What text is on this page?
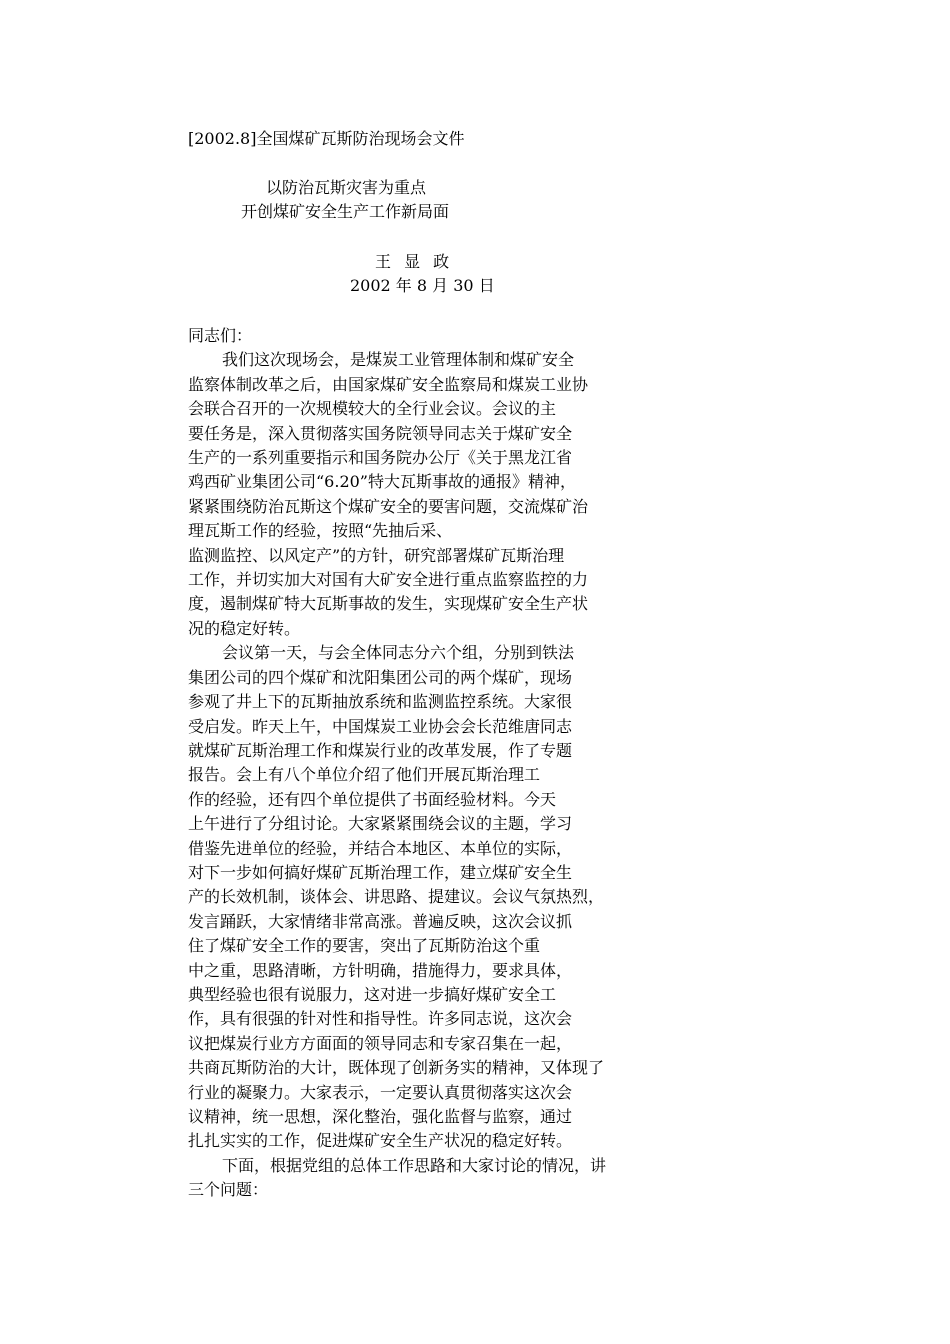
[2002.8]全国煤矿瓦斯防治现场会文件
以防治瓦斯灾害为重点
开创煤矿安全生产工作新局面
王 显 政
2002 年 8 月 30 日
同志们：
我们这次现场会，是煤炭工业管理体制和煤矿安全
监察体制改革之后，由国家煤矿安全监察局和煤炭工业协
会联合召开的一次规模较大的全行业会议。会议的主
要任务是，深入贯彻落实国务院领导同志关于煤矿安全
生产的一系列重要指示和国务院办公厅《关于黑龙江省
鸡西矿业集团公司“6.20”特大瓦斯事故的通报》精神，
紧紧围绕防治瓦斯这个煤矿安全的要害问题，交流煤矿治
理瓦斯工作的经验，按照“先抽后采、
监测监控、以风定产”的方针，研究部署煤矿瓦斯治理
工作，并切实加大对国有大矿安全进行重点监察监控的力
度，遏制煤矿特大瓦斯事故的发生，实现煤矿安全生产状
况的稳定好转。
会议第一天，与会全体同志分六个组，分别到铁法
集团公司的四个煤矿和沈阳集团公司的两个煤矿，现场
参观了井上下的瓦斯抽放系统和监测监控系统。大家很
受启发。昨天上午，中国煤炭工业协会会长范维唐同志
就煤矿瓦斯治理工作和煤炭行业的改革发展，作了专题
报告。会上有八个单位介绍了他们开展瓦斯治理工
作的经验，还有四个单位提供了书面经验材料。今天
上午进行了分组讨论。大家紧紧围绕会议的主题，学习
借鉴先进单位的经验，并结合本地区、本单位的实际，
对下一步如何搞好煤矿瓦斯治理工作，建立煤矿安全生
产的长效机制，谈体会、讲思路、提建议。会议气氛热烈，
发言踊跃，大家情绪非常高涨。普遍反映，这次会议抓
住了煤矿安全工作的要害，突出了瓦斯防治这个重
中之重，思路清晰，方针明确，措施得力，要求具体，
典型经验也很有说服力，这对进一步搞好煤矿安全工
作，具有很强的针对性和指导性。许多同志说，这次会
议把煤炭行业方方面面的领导同志和专家召集在一起，
共商瓦斯防治的大计，既体现了创新务实的精神，又体现了
行业的凝聚力。大家表示，一定要认真贯彻落实这次会
议精神，统一思想，深化整治，强化监督与监察，通过
扎扎实实的工作，促进煤矿安全生产状况的稳定好转。
下面，根据党组的总体工作思路和大家讨论的情况，讲
三个问题：
